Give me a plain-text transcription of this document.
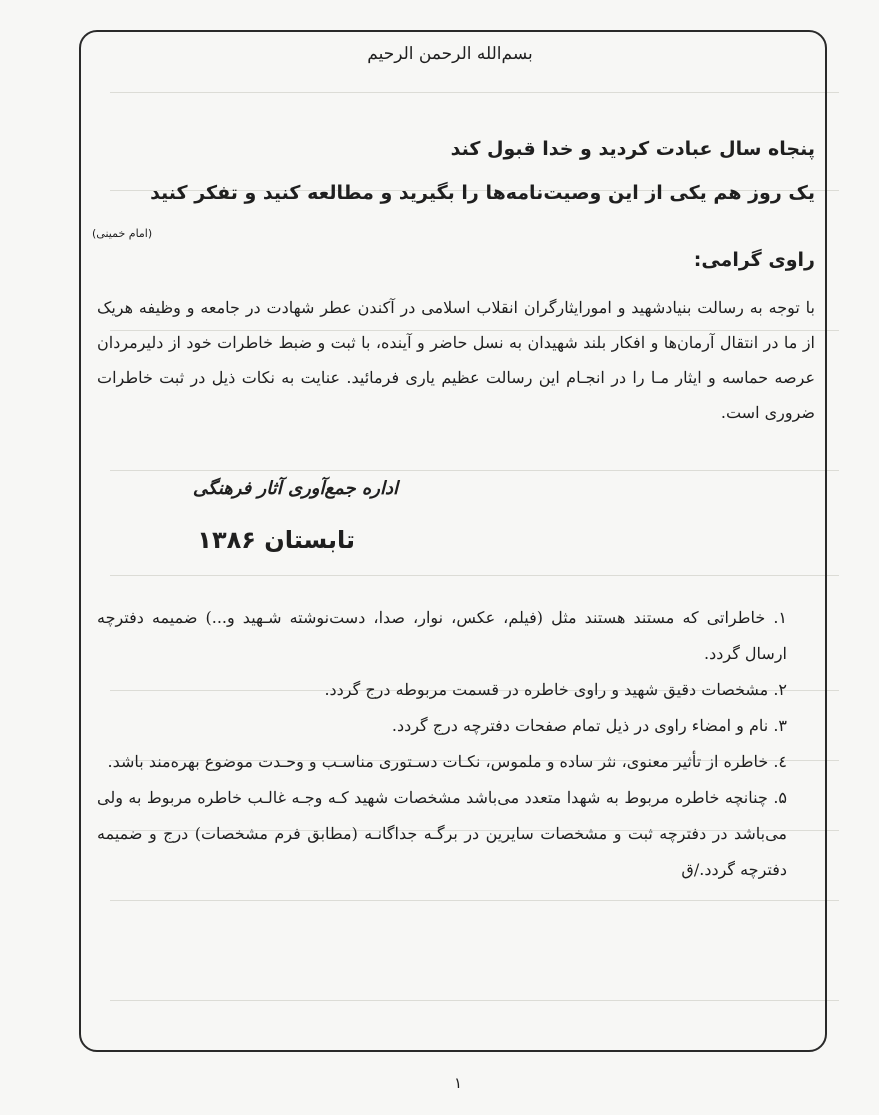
بسم‌الله الرحمن الرحیم
پنجاه سال عبادت کردید و خدا قبول کند
یک روز هم یکی از این وصیت‌نامه‌ها را بگیرید و مطالعه کنید و تفکر کنید
(امام خمینی)
راوی گرامی:
با توجه به رسالت بنیادشهید و امورایثارگران انقلاب اسلامی در آکندن عطر شهادت در جامعه و وظیفه هریک از ما در انتقال آرمان‌ها و افکار بلند شهیدان به نسل حاضر و آینده، با ثبت و ضبط خاطرات خود از دلیرمردان عرصه حماسه و ایثار مـا را در انجـام این رسالت عظیم یاری فرمائید. عنایت به نکات ذیل در ثبت خاطرات ضروری است.
اداره جمع‌آوری آثار فرهنگی
تابستان ۱۳۸۶
۱. خاطراتی که مستند هستند مثل (فیلم، عکس، نوار، صدا، دست‌نوشته شـهید و...) ضمیمه دفترچه ارسال گردد.
۲. مشخصات دقیق شهید و راوی خاطره در قسمت مربوطه درج گردد.
۳. نام و امضاء راوی در ذیل تمام صفحات دفترچه درج گردد.
٤. خاطره از تأثیر معنوی، نثر ساده و ملموس، نکـات دسـتوری مناسـب و وحـدت موضوع بهره‌مند باشد.
۵. چنانچه خاطره مربوط به شهدا متعدد می‌باشد مشخصات شهید کـه وجـه غالـب خاطره مربوط به ولی می‌باشد در دفترچه ثبت و مشخصات سایرین در برگـه جداگانـه (مطابق فرم مشخصات) درج و ضمیمه دفترچه گردد./ق
۱
